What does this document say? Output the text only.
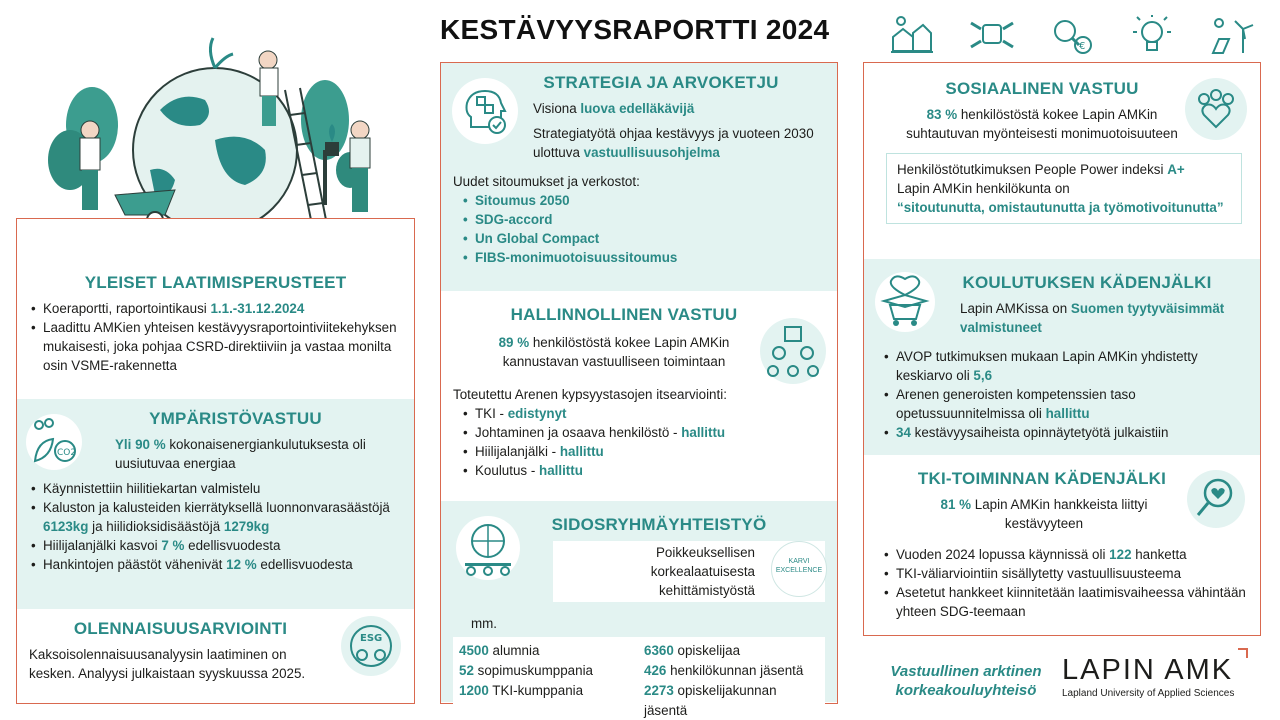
KESTÄVYYSRAPORTTI 2024
€
YLEISET LAATIMISPERUSTEET
• Koeraportti, raportointikausi 1.1.-31.12.2024
• Laadittu AMKien yhteisen kestävyysraportointiviitekehyksen mukaisesti, joka pohjaa CSRD-direktiiviin ja vastaa monilta osin VSME-rakennetta
CO2
YMPÄRISTÖVASTUU
Yli 90 % kokonaisenergiankulutuksesta oli uusiutuvaa energiaa
• Käynnistettiin hiilitiekartan valmistelu
• Kaluston ja kalusteiden kierrätyksellä luonnonvarasäästöjä 6123kg ja hiilidioksidisäästöjä 1279kg
• Hiilijalanjälki kasvoi 7 % edellisvuodesta
• Hankintojen päästöt vähenivät 12 % edellisvuodesta
OLENNAISUUSARVIOINTI
Kaksoisolennaisuusanalyysin laatiminen on kesken. Analyysi julkaistaan syyskuussa 2025.
ESG
STRATEGIA JA ARVOKETJU
Visiona luova edelläkävijä
Strategiatyötä ohjaa kestävyys ja vuoteen 2030 ulottuva vastuullisuusohjelma
Uudet sitoumukset ja verkostot:
• Sitoumus 2050
• SDG-accord
• Un Global Compact
• FIBS-monimuotoisuussitoumus
HALLINNOLLINEN VASTUU
89 % henkilöstöstä kokee Lapin AMKin kannustavan vastuulliseen toimintaan
Toteutettu Arenen kypsyystasojen itsearviointi:
• TKI - edistynyt
• Johtaminen ja osaava henkilöstö - hallittu
• Hiilijalanjälki - hallittu
• Koulutus - hallittu
SIDOSRYHMÄYHTEISTYÖ
Poikkeuksellisen korkealaatuisesta kehittämistyöstä
KARVI
EXCELLENCE
mm.
4500 alumnia	6360 opiskelijaa
52 sopimuskumppania	426 henkilökunnan jäsentä
1200 TKI-kumppania	2273 opiskelijakunnan jäsentä
SOSIAALINEN VASTUU
83 % henkilöstöstä kokee Lapin AMKin suhtautuvan myönteisesti monimuotoisuuteen
Henkilöstötutkimuksen People Power indeksi A+
Lapin AMKin henkilökunta on
“sitoutunutta, omistautunutta ja työmotivoitunutta”
KOULUTUKSEN KÄDENJÄLKI
Lapin AMKissa on Suomen tyytyväisimmät valmistuneet
• AVOP tutkimuksen mukaan Lapin AMKin yhdistetty keskiarvo oli 5,6
• Arenen generoisten kompetenssien taso opetussuunnitelmissa oli hallittu
• 34 kestävyysaiheista opinnäytetyötä julkaistiin
TKI-TOIMINNAN KÄDENJÄLKI
81 % Lapin AMKin hankkeista liittyi kestävyyteen
• Vuoden 2024 lopussa käynnissä oli 122 hanketta
• TKI-väliarviointiin sisällytetty vastuullisuusteema
• Asetetut hankkeet kiinnitetään laatimisvaiheessa vähintään yhteen SDG-teemaan
Vastuullinen arktinen
korkeakouluyhteisö
LAPIN AMK
Lapland University of Applied Sciences
